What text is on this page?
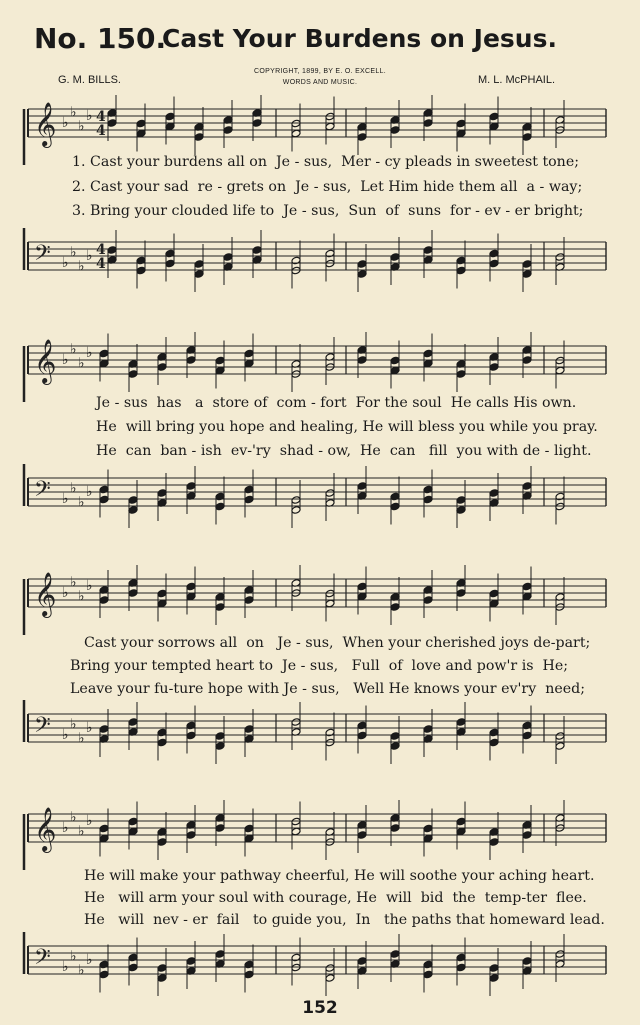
No. 150.
Cast Your Burdens on Jesus.
G. M. BILLS.
COPYRIGHT, 1899, BY E. O. EXCELL.
WORDS AND MUSIC.	M. L. McPHAIL.
𝄞 ♭
♭
♭
♭ 4
4
1. Cast your burdens all on  Je - sus,  Mer - cy pleads in sweetest tone;
2. Cast your sad  re - grets on  Je - sus,  Let Him hide them all  a - way;
3. Bring your clouded life to  Je - sus,  Sun  of  suns  for - ev - er bright;
𝄢 ♭
♭
♭
♭ 4
4
𝄞 ♭
♭
♭
♭
Je - sus  has   a  store of  com - fort  For the soul  He calls His own.
He  will bring you hope and healing, He will bless you while you pray.
He  can  ban - ish  ev-'ry  shad - ow,  He  can   fill  you with de - light.
𝄢 ♭
♭
♭
♭
𝄞 ♭
♭
♭
♭
Cast your sorrows all  on   Je - sus,  When your cherished joys de-part;
Bring your tempted heart to  Je - sus,   Full  of  love and pow'r is  He;
Leave your fu-ture hope with Je - sus,   Well He knows your ev'ry  need;
𝄢 ♭
♭
♭
♭
𝄞 ♭
♭
♭
♭
He will make your pathway cheerful, He will soothe your aching heart.
He   will arm your soul with courage, He  will  bid  the  temp-ter  flee.
He   will  nev - er  fail   to guide you,  In   the paths that homeward lead.
𝄢 ♭
♭
♭
♭
152
